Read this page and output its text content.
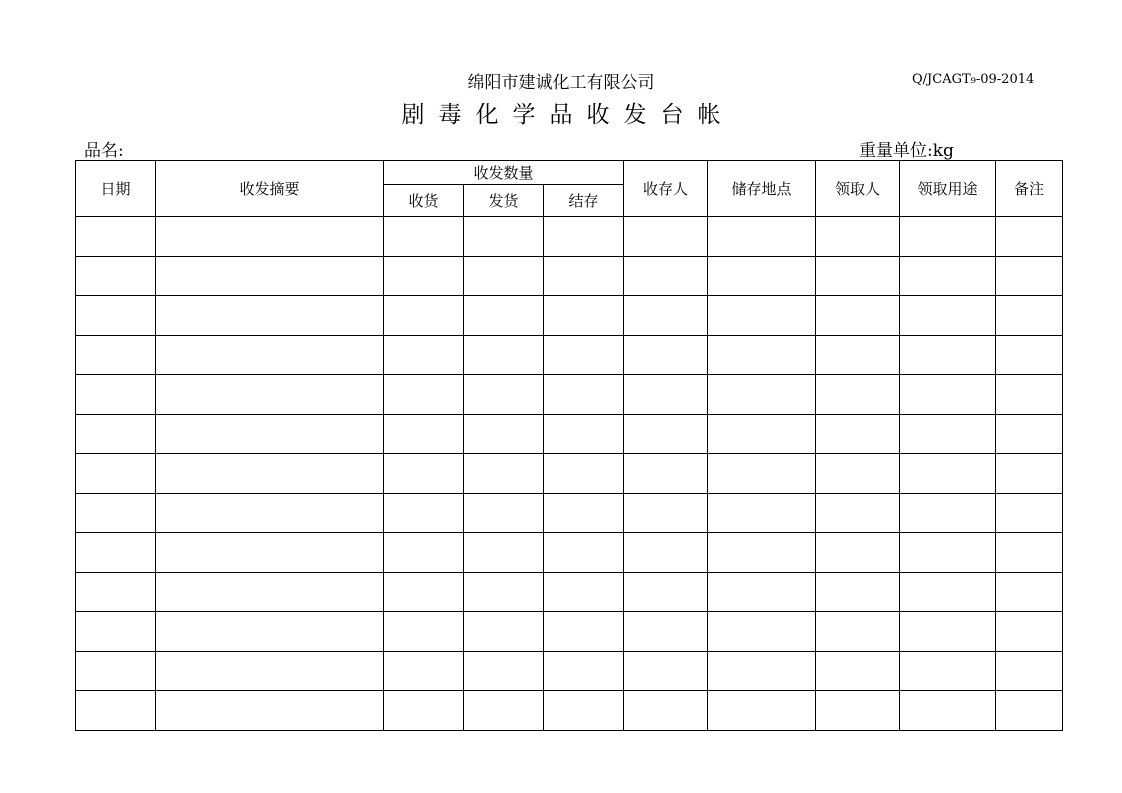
绵阳市建诚化工有限公司	Q/JCAGT₉-09-2014
剧毒化学品收发台帐
品名:	重量单位:kg
日期	收发摘要	收发数量			收存人	储存地点	领取人	领取用途	备注
		收货	发货	结存					
